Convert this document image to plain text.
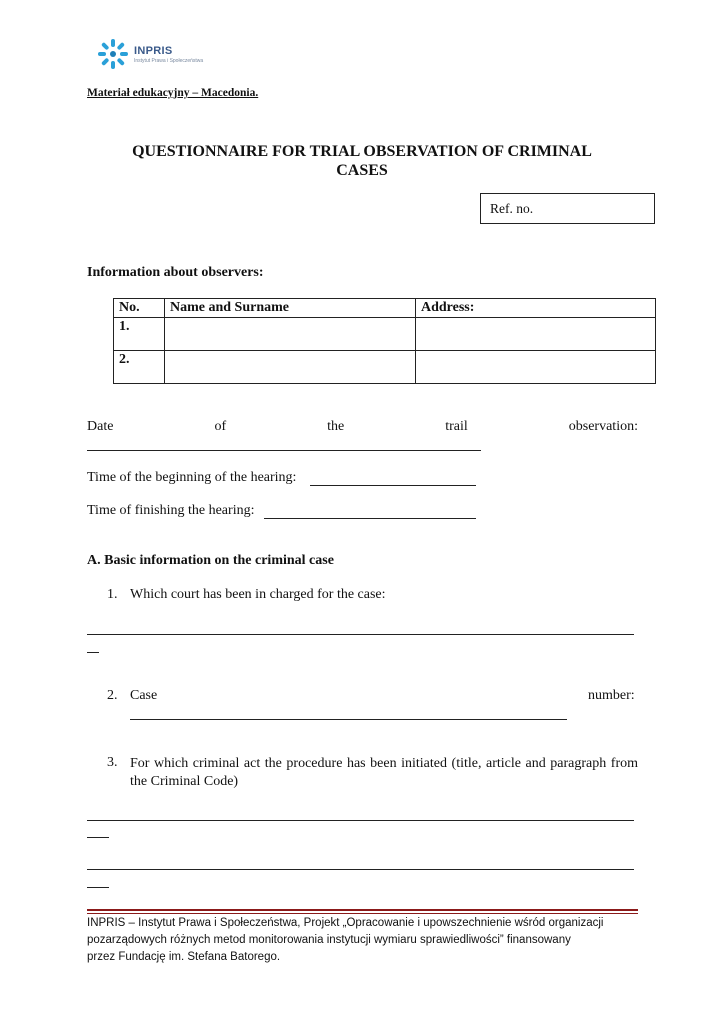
INPRIS
Instytut Prawa i Społeczeństwa
Materiał edukacyjny – Macedonia.
QUESTIONNAIRE FOR TRIAL OBSERVATION OF CRIMINAL
CASES
Ref. no.
Information about observers:
No.	Name and Surname	Address:
1.		
2.		
Date	of	the	trail	observation:
Time of the beginning of the hearing:
Time of finishing the hearing:
A. Basic information on the criminal case
1. Which court has been in charged for the case:
2. Case	number:
3. For which criminal act the procedure has been initiated (title, article and paragraph from the Criminal Code)
INPRIS – Instytut Prawa i Społeczeństwa, Projekt „Opracowanie i upowszechnienie wśród organizacji
pozarządowych różnych metod monitorowania instytucji wymiaru sprawiedliwości” finansowany
przez Fundację im. Stefana Batorego.
